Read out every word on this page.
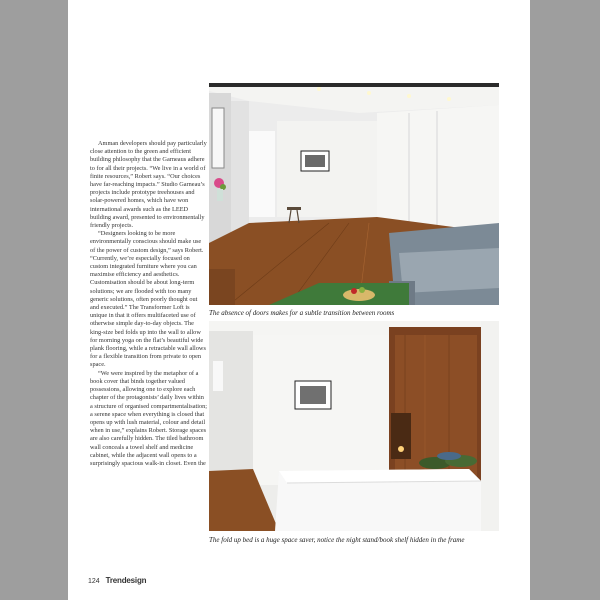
Amman developers should pay particularly close attention to the green and efficient building philosophy that the Garneaus adhere to for all their projects. “We live in a world of finite resources,” Robert says. “Our choices have far-reaching impacts.” Studio Garneau’s projects include prototype treehouses and solar-powered homes, which have won international awards such as the LEED building award, presented to environmentally friendly projects.

“Designers looking to be more environmentally conscious should make use of the power of custom design,” says Robert. “Currently, we’re especially focused on custom integrated furniture where you can maximise efficiency and aesthetics. Customisation should be about long-term solutions; we are flooded with too many generic solutions, often poorly thought out and executed.” The Transformer Loft is unique in that it offers multifaceted use of otherwise simple day-to-day objects. The king-size bed folds up into the wall to allow for morning yoga on the flat’s beautiful wide plank flooring, while a retractable wall allows for a flexible transition from private to open space.

“We were inspired by the metaphor of a book cover that binds together valued possessions, allowing one to explore each chapter of the protagonists’ daily lives within a structure of organised compartmentalisation; a serene space when everything is closed that opens up with lush material, colour and detail when in use,” explains Robert. Storage spaces are also carefully hidden. The tiled bathroom wall conceals a towel shelf and medicine cabinet, while the adjacent wall opens to a surprisingly spacious walk-in closet. Even the

The absence of doors makes for a subtle transition between rooms
The fold up bed is a huge space saver, notice the night stand/book shelf hidden in the frame
124 Trendesign
